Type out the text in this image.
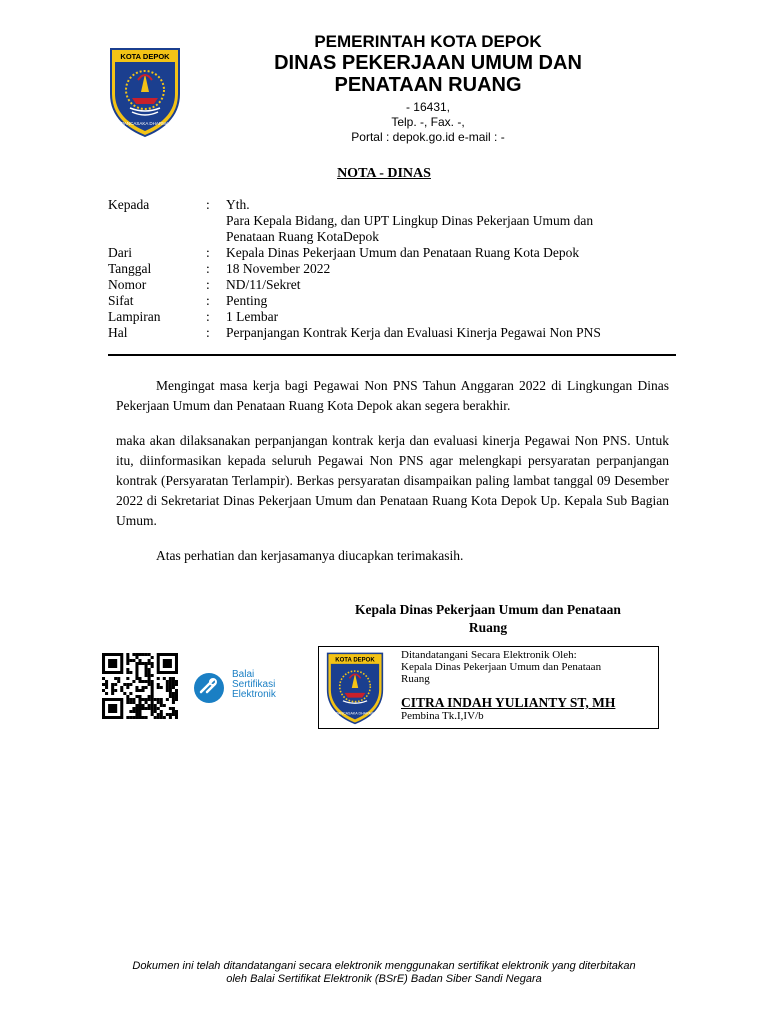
KOTA DEPOK
PANCASAKA DHARMA
PEMERINTAH KOTA DEPOK
DINAS PEKERJAAN UMUM DAN
PENATAAN RUANG
- 16431,
Telp. -, Fax. -,
Portal : depok.go.id e-mail : -
NOTA - DINAS
Kepada	:	Yth.
Para Kepala Bidang, dan UPT Lingkup Dinas Pekerjaan Umum dan
Penataan Ruang KotaDepok
Dari	:	Kepala Dinas Pekerjaan Umum dan Penataan Ruang Kota Depok
Tanggal	:	18 November 2022
Nomor	:	ND/11/Sekret
Sifat	:	Penting
Lampiran	:	1 Lembar
Hal	:	Perpanjangan Kontrak Kerja dan Evaluasi Kinerja Pegawai Non PNS

Mengingat masa kerja bagi Pegawai Non PNS Tahun Anggaran 2022 di Lingkungan Dinas Pekerjaan Umum dan Penataan Ruang Kota Depok akan segera berakhir.

maka akan dilaksanakan perpanjangan kontrak kerja dan evaluasi kinerja Pegawai Non PNS. Untuk itu, diinformasikan kepada seluruh Pegawai Non PNS agar melengkapi persyaratan perpanjangan kontrak (Persyaratan Terlampir). Berkas persyaratan disampaikan paling lambat tanggal 09 Desember 2022 di Sekretariat Dinas Pekerjaan Umum dan Penataan Ruang Kota Depok Up. Kepala Sub Bagian Umum.

Atas perhatian dan kerjasamanya diucapkan terimakasih.

Kepala Dinas Pekerjaan Umum dan Penataan
Ruang
Balai
Sertifikasi
Elektronik
KOTA DEPOK
PANCASAKA DHARMA
Ditandatangani Secara Elektronik Oleh:
Kepala Dinas Pekerjaan Umum dan Penataan
Ruang
CITRA INDAH YULIANTY ST, MH
Pembina Tk.I,IV/b
Dokumen ini telah ditandatangani secara elektronik menggunakan sertifikat elektronik yang diterbitakan
oleh Balai Sertifikat Elektronik (BSrE) Badan Siber Sandi Negara
